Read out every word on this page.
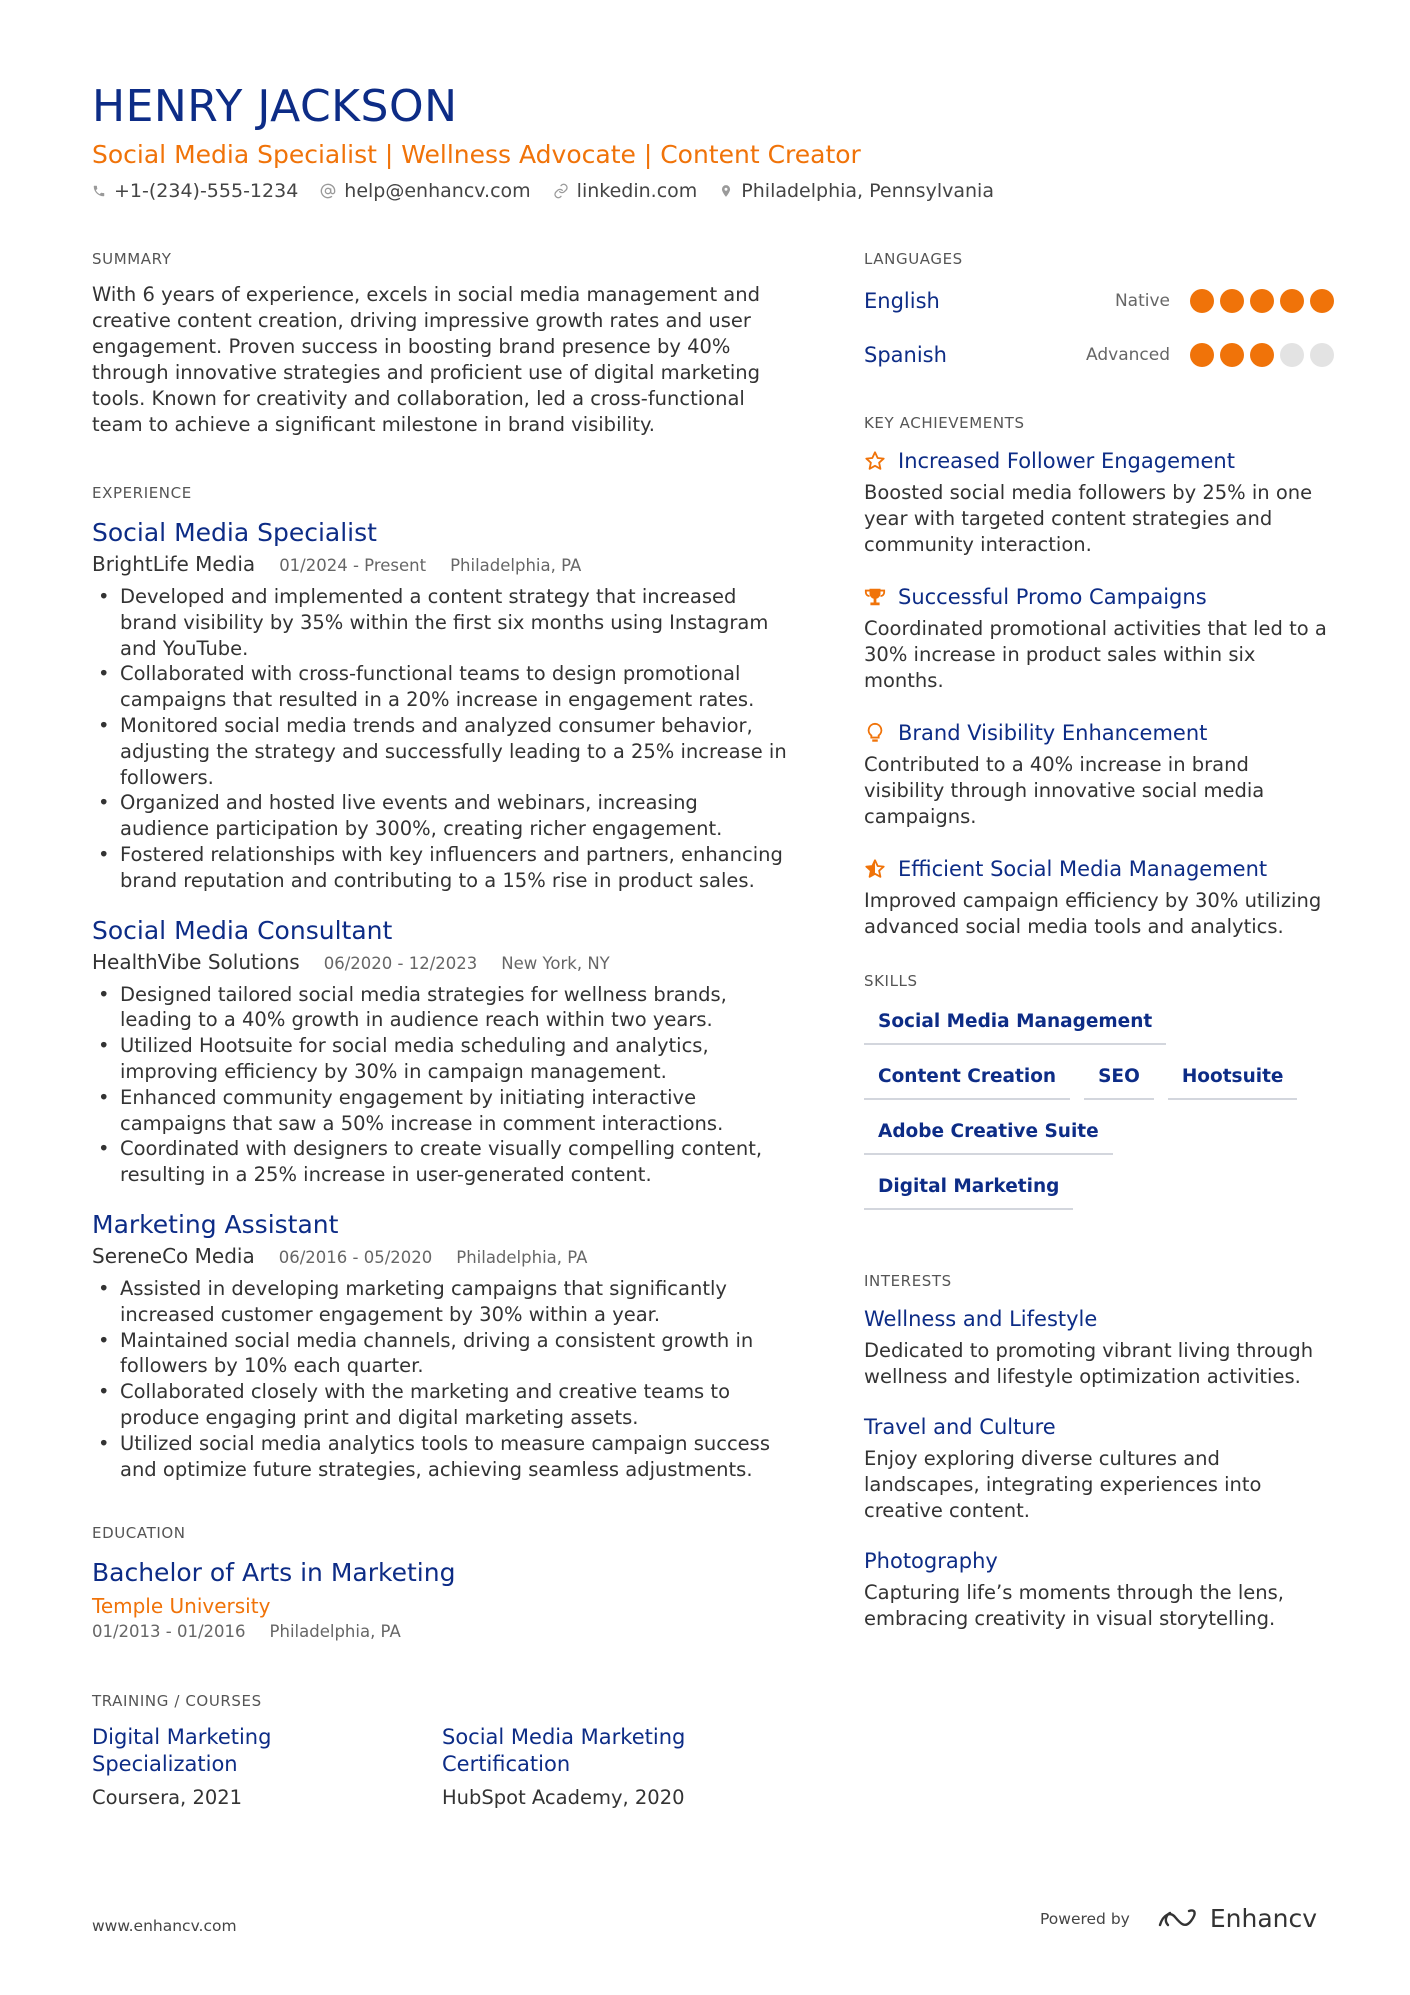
HENRY JACKSON
Social Media Specialist | Wellness Advocate | Content Creator
+1-(234)-555-1234 help@enhancv.com linkedin.com Philadelphia, Pennsylvania
SUMMARY
With 6 years of experience, excels in social media management and creative content creation, driving impressive growth rates and user engagement. Proven success in boosting brand presence by 40% through innovative strategies and proficient use of digital marketing tools. Known for creativity and collaboration, led a cross-functional team to achieve a significant milestone in brand visibility.
EXPERIENCE
Social Media Specialist
BrightLife Media 01/2024 - Present Philadelphia, PA
• Developed and implemented a content strategy that increased brand visibility by 35% within the first six months using Instagram and YouTube.
• Collaborated with cross-functional teams to design promotional campaigns that resulted in a 20% increase in engagement rates.
• Monitored social media trends and analyzed consumer behavior, adjusting the strategy and successfully leading to a 25% increase in followers.
• Organized and hosted live events and webinars, increasing audience participation by 300%, creating richer engagement.
• Fostered relationships with key influencers and partners, enhancing brand reputation and contributing to a 15% rise in product sales.
Social Media Consultant
HealthVibe Solutions 06/2020 - 12/2023 New York, NY
• Designed tailored social media strategies for wellness brands, leading to a 40% growth in audience reach within two years.
• Utilized Hootsuite for social media scheduling and analytics, improving efficiency by 30% in campaign management.
• Enhanced community engagement by initiating interactive campaigns that saw a 50% increase in comment interactions.
• Coordinated with designers to create visually compelling content, resulting in a 25% increase in user-generated content.
Marketing Assistant
SereneCo Media 06/2016 - 05/2020 Philadelphia, PA
• Assisted in developing marketing campaigns that significantly increased customer engagement by 30% within a year.
• Maintained social media channels, driving a consistent growth in followers by 10% each quarter.
• Collaborated closely with the marketing and creative teams to produce engaging print and digital marketing assets.
• Utilized social media analytics tools to measure campaign success and optimize future strategies, achieving seamless adjustments.
EDUCATION
Bachelor of Arts in Marketing
Temple University
01/2013 - 01/2016 Philadelphia, PA
TRAINING / COURSES
Digital Marketing Specialization
Coursera, 2021
Social Media Marketing Certification
HubSpot Academy, 2020
LANGUAGES
English	Native
Spanish	Advanced
KEY ACHIEVEMENTS
Increased Follower Engagement
Boosted social media followers by 25% in one year with targeted content strategies and community interaction.
Successful Promo Campaigns
Coordinated promotional activities that led to a 30% increase in product sales within six months.
Brand Visibility Enhancement
Contributed to a 40% increase in brand visibility through innovative social media campaigns.
Efficient Social Media Management
Improved campaign efficiency by 30% utilizing advanced social media tools and analytics.
SKILLS
Social Media Management
Content Creation	SEO	Hootsuite
Adobe Creative Suite
Digital Marketing
INTERESTS
Wellness and Lifestyle
Dedicated to promoting vibrant living through wellness and lifestyle optimization activities.
Travel and Culture
Enjoy exploring diverse cultures and landscapes, integrating experiences into creative content.
Photography
Capturing life’s moments through the lens, embracing creativity in visual storytelling.
www.enhancv.com	Powered by	Enhancv
